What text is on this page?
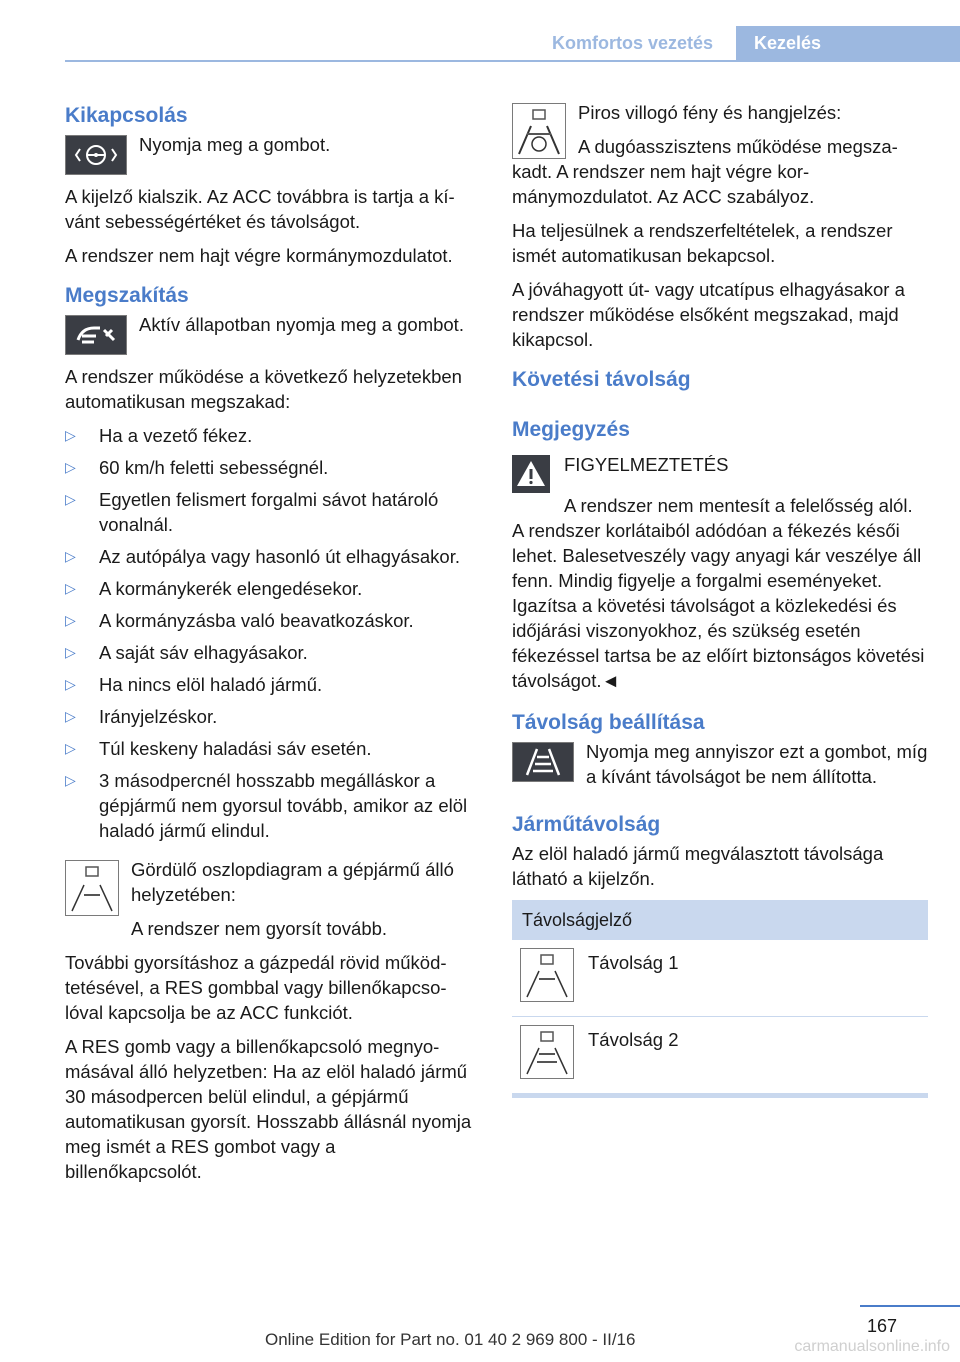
Komfortos vezetés	Kezelés
Kikapcsolás

Nyomja meg a gombot.

A kijelző kialszik. Az ACC továbbra is tartja a kívánt sebességértéket és távolságot.

A rendszer nem hajt végre kormánymozdulatot.

Megszakítás

Aktív állapotban nyomja meg a gombot.

A rendszer működése a következő helyzetekben automatikusan megszakad:

▷ Ha a vezető fékez.
▷ 60 km/h feletti sebességnél.
▷ Egyetlen felismert forgalmi sávot határoló vonalnál.
▷ Az autópálya vagy hasonló út elhagyásakor.
▷ A kormánykerék elengedésekor.
▷ A kormányzásba való beavatkozáskor.
▷ A saját sáv elhagyásakor.
▷ Ha nincs elöl haladó jármű.
▷ Irányjelzéskor.
▷ Túl keskeny haladási sáv esetén.
▷ 3 másodpercnél hosszabb megálláskor a gépjármű nem gyorsul tovább, amikor az elöl haladó jármű elindul.

Gördülő oszlopdiagram a gépjármű álló helyzetében:

A rendszer nem gyorsít tovább.

További gyorsításhoz a gázpedál rövid működtetésével, a RES gombbal vagy billenőkapcsolóval kapcsolja be az ACC funkciót.

A RES gomb vagy a billenőkapcsoló megnyomásával álló helyzetben: Ha az elöl haladó jármű 30 másodpercen belül elindul, a gépjármű automatikusan gyorsít. Hosszabb állásnál nyomja meg ismét a RES gombot vagy a billenőkapcsolót.

Piros villogó fény és hangjelzés:

A dugóasszisztens működése megszakadt. A rendszer nem hajt végre kormánymozdulatot. Az ACC szabályoz.

Ha teljesülnek a rendszerfeltételek, a rendszer ismét automatikusan bekapcsol.

A jóváhagyott út- vagy utcatípus elhagyásakor a rendszer működése elsőként megszakad, majd kikapcsol.

Követési távolság
Megjegyzés

FIGYELMEZTETÉS

A rendszer nem mentesít a felelősség alól. A rendszer korlátaiból adódóan a fékezés késői lehet. Balesetveszély vagy anyagi kár veszélye áll fenn. Mindig figyelje a forgalmi eseményeket. Igazítsa a követési távolságot a közlekedési és időjárási viszonyokhoz, és szükség esetén fékezéssel tartsa be az előírt biztonságos követési távolságot.◄

Távolság beállítása

Nyomja meg annyiszor ezt a gombot, míg a kívánt távolságot be nem állította.

Járműtávolság

Az elöl haladó jármű megválasztott távolsága látható a kijelzőn.

Távolságjelző
Távolság 1
Távolság 2
167
Online Edition for Part no. 01 40 2 969 800 - II/16	carmanualsonline.info
